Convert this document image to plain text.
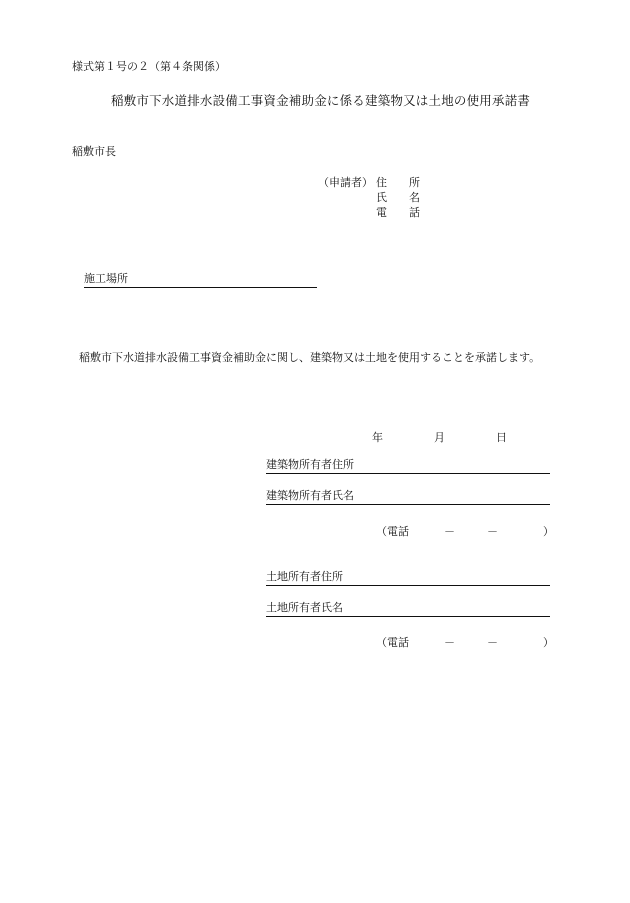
様式第１号の２（第４条関係）
稲敷市下水道排水設備工事資金補助金に係る建築物又は土地の使用承諾書
稲敷市長
（申請者） 住　　所
氏　　名
電　　話
施工場所
稲敷市下水道排水設備工事資金補助金に関し、建築物又は土地を使用することを承諾します。
年	月	日
建築物所有者住所
建築物所有者氏名
（電話	－	－	）
土地所有者住所
土地所有者氏名
（電話	－	－	）
